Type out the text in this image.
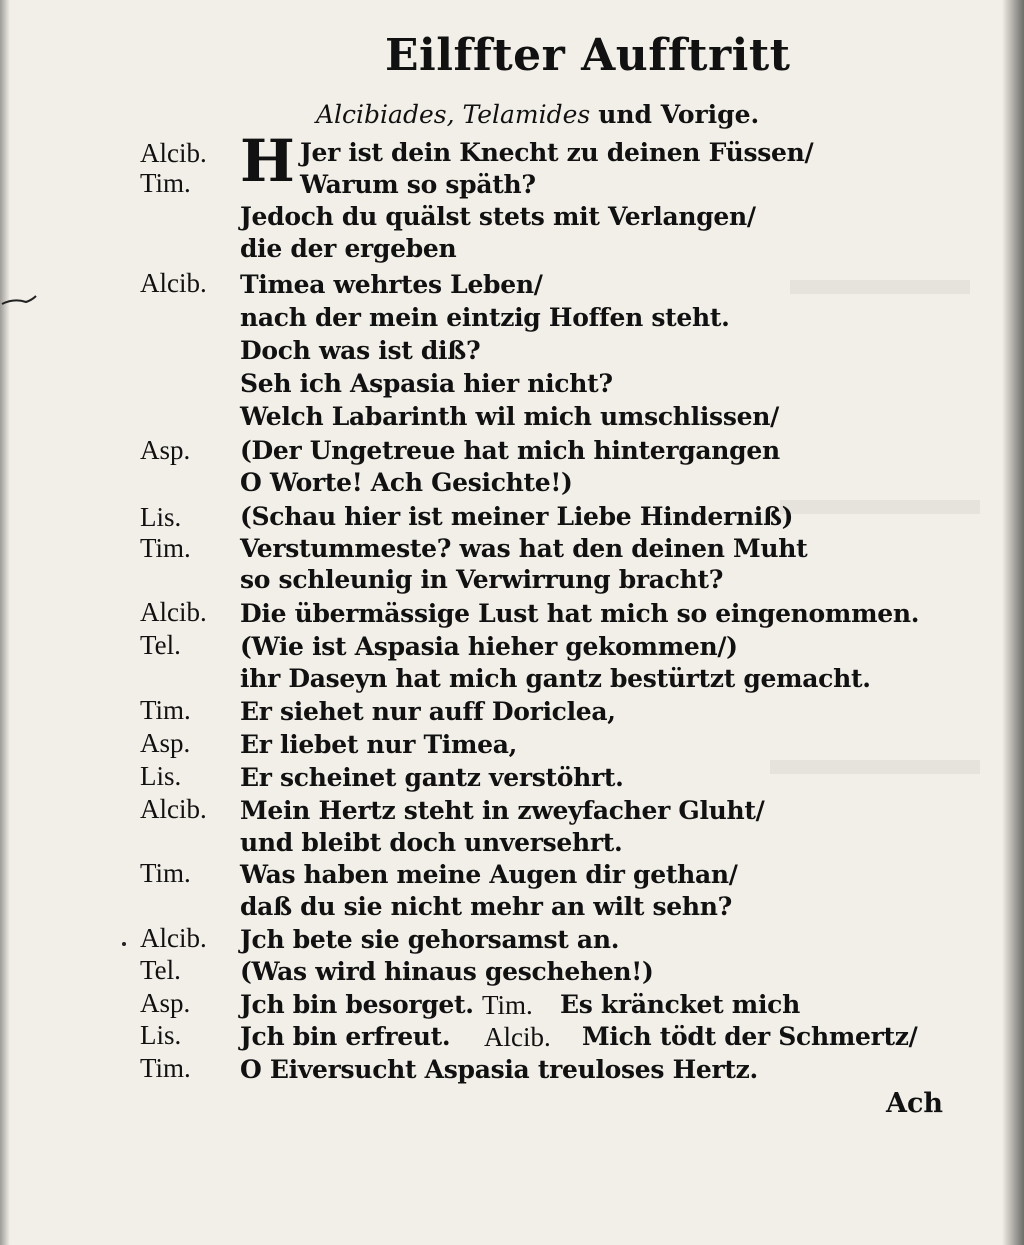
Eilffter Aufftritt
Alcibiades, Telamides und Vorige.
Alcib.
Tim.
Alcib.
Asp.
Lis.
Tim.
Alcib.
Tel.
Tim.
Asp.
Lis.
Alcib.
Tim.
Alcib.
Tel.
Asp.
Lis.
Tim.
H Jer ist dein Knecht zu deinen Füssen/
Warum so späth?
Jedoch du quälst stets mit Verlangen/
die der ergeben
Timea wehrtes Leben/
nach der mein eintzig Hoffen steht.
Doch was ist diß?
Seh ich Aspasia hier nicht?
Welch Labarinth wil mich umschlissen/
(Der Ungetreue hat mich hintergangen
O Worte! Ach Gesichte!)
(Schau hier ist meiner Liebe Hinderniß)
Verstummeste? was hat den deinen Muht
so schleunig in Verwirrung bracht?
Die übermässige Lust hat mich so eingenommen.
(Wie ist Aspasia hieher gekommen/)
ihr Daseyn hat mich gantz bestürtzt gemacht.
Er siehet nur auff Doriclea,
Er liebet nur Timea,
Er scheinet gantz verstöhrt.
Mein Hertz steht in zweyfacher Gluht/
und bleibt doch unversehrt.
Was haben meine Augen dir gethan/
daß du sie nicht mehr an wilt sehn?
Jch bete sie gehorsamst an.
(Was wird hinaus geschehen!)
Jch bin besorget.
Jch bin erfreut.
O Eiversucht Aspasia treuloses Hertz.
Tim. Es kräncket mich
Alcib. Mich tödt der Schmertz/
Ach
